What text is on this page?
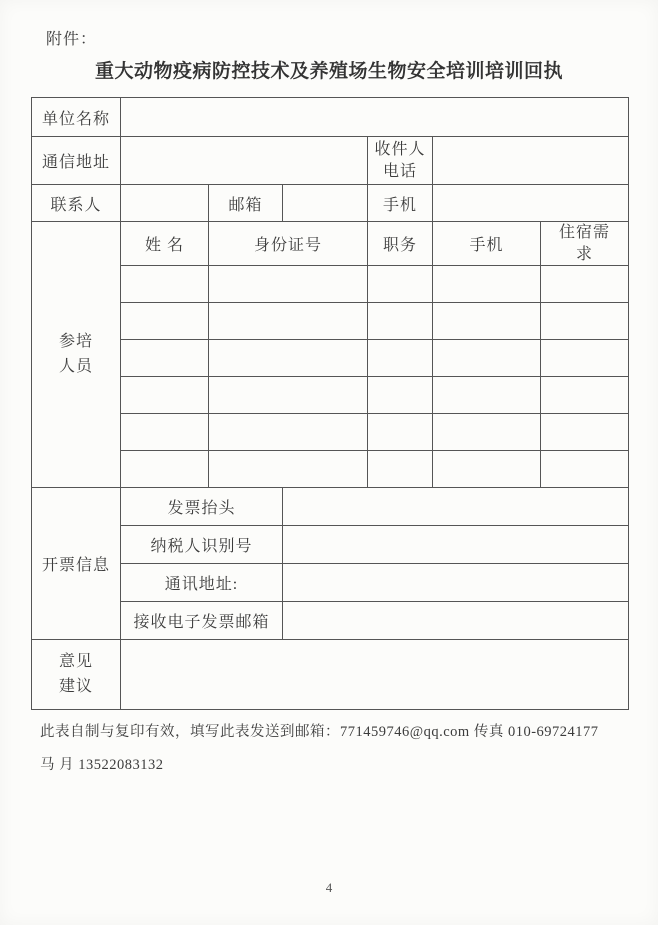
附件：
重大动物疫病防控技术及养殖场生物安全培训培训回执
单位名称						
通信地址				收件人电话		
联系人		邮箱		手机		
参培人员	姓 名	身份证号		职务	手机	住宿需求

开票信息	发票抬头					
	纳税人识别号					
	通讯地址:					
	接收电子发票邮箱					
意见建议						
此表自制与复印有效，填写此表发送到邮箱：771459746@qq.com 传真 010-69724177
马 月 13522083132
4
